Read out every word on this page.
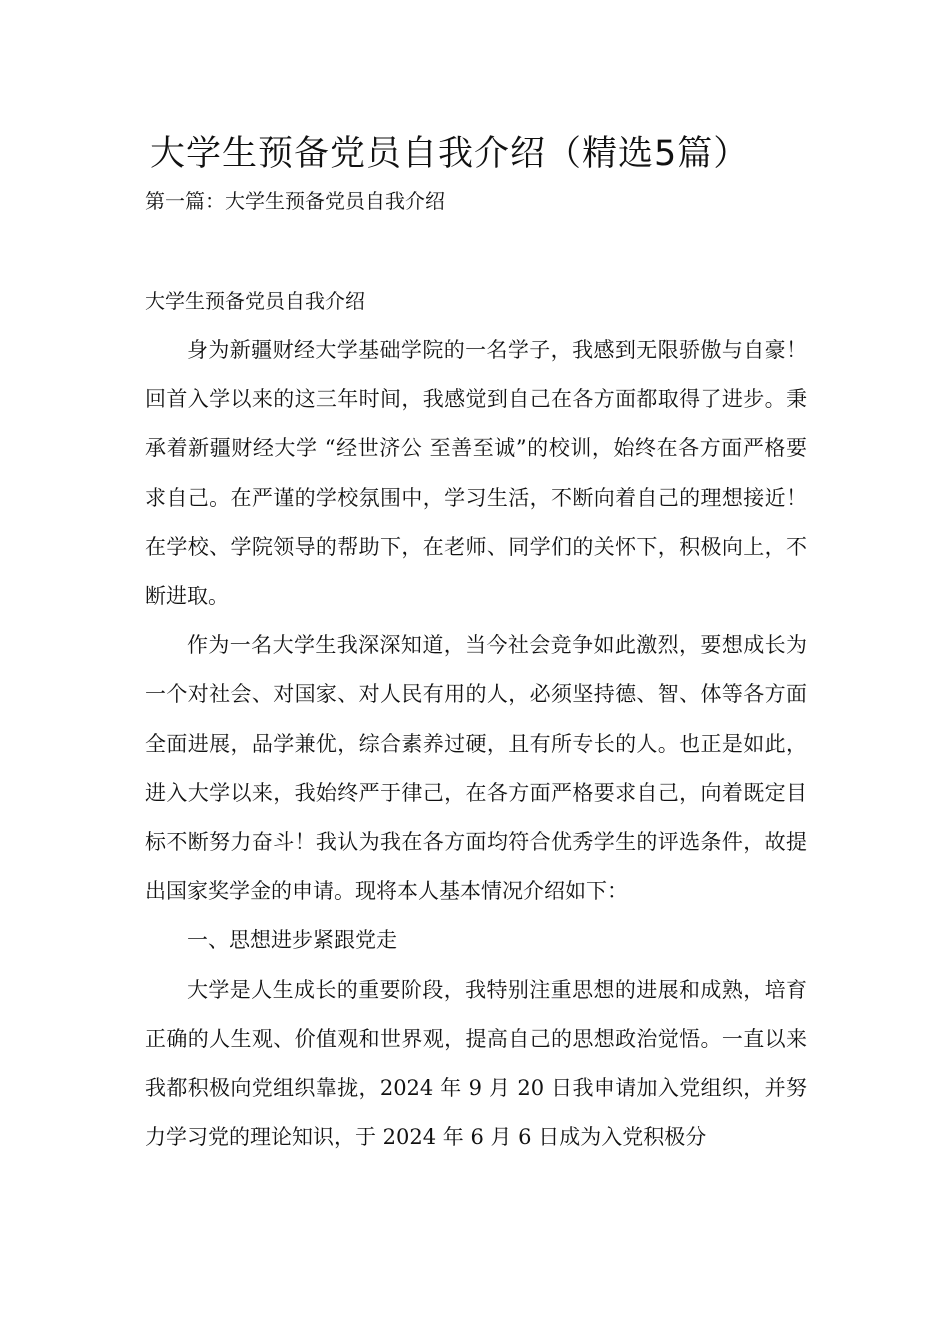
大学生预备党员自我介绍（精选5篇）
第一篇：大学生预备党员自我介绍
大学生预备党员自我介绍

身为新疆财经大学基础学院的一名学子，我感到无限骄傲与自豪！回首入学以来的这三年时间，我感觉到自己在各方面都取得了进步。秉承着新疆财经大学 “经世济公 至善至诚”的校训，始终在各方面严格要求自己。在严谨的学校氛围中，学习生活，不断向着自己的理想接近！在学校、学院领导的帮助下，在老师、同学们的关怀下，积极向上，不断进取。

作为一名大学生我深深知道，当今社会竞争如此激烈，要想成长为一个对社会、对国家、对人民有用的人，必须坚持德、智、体等各方面全面进展，品学兼优，综合素养过硬，且有所专长的人。也正是如此，进入大学以来，我始终严于律己，在各方面严格要求自己，向着既定目标不断努力奋斗！我认为我在各方面均符合优秀学生的评选条件，故提出国家奖学金的申请。现将本人基本情况介绍如下：

一、思想进步紧跟党走

大学是人生成长的重要阶段，我特别注重思想的进展和成熟，培育正确的人生观、价值观和世界观，提高自己的思想政治觉悟。一直以来我都积极向党组织靠拢，2024 年 9 月 20 日我申请加入党组织，并努力学习党的理论知识，于 2024 年 6 月 6 日成为入党积极分
